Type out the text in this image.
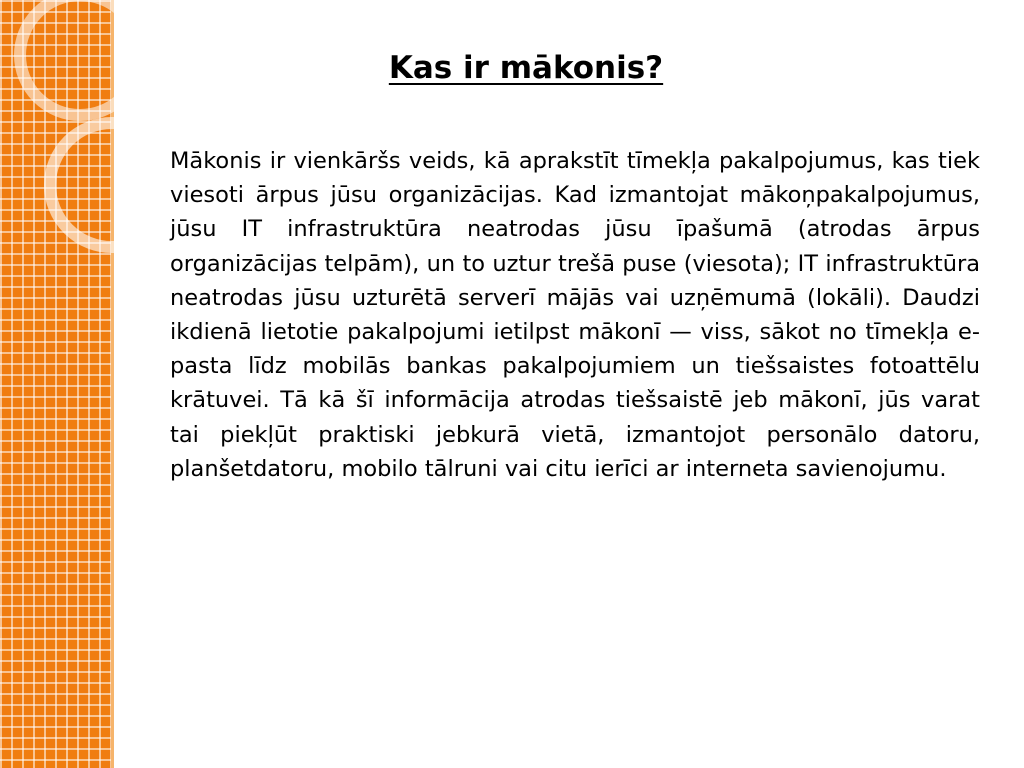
Kas ir mākonis?

Mākonis ir vienkāršs veids, kā aprakstīt tīmekļa pakalpojumus, kas tiek viesoti ārpus jūsu organizācijas. Kad izmantojat mākoņpakalpojumus, jūsu IT infrastruktūra neatrodas jūsu īpašumā (atrodas ārpus organizācijas telpām), un to uztur trešā puse (viesota); IT infrastruktūra neatrodas jūsu uzturētā serverī mājās vai uzņēmumā (lokāli). Daudzi ikdienā lietotie pakalpojumi ietilpst mākonī — viss, sākot no tīmekļa e-pasta līdz mobilās bankas pakalpojumiem un tiešsaistes fotoattēlu krātuvei. Tā kā šī informācija atrodas tiešsaistē jeb mākonī, jūs varat tai piekļūt praktiski jebkurā vietā, izmantojot personālo datoru, planšetdatoru, mobilo tālruni vai citu ierīci ar interneta savienojumu.
